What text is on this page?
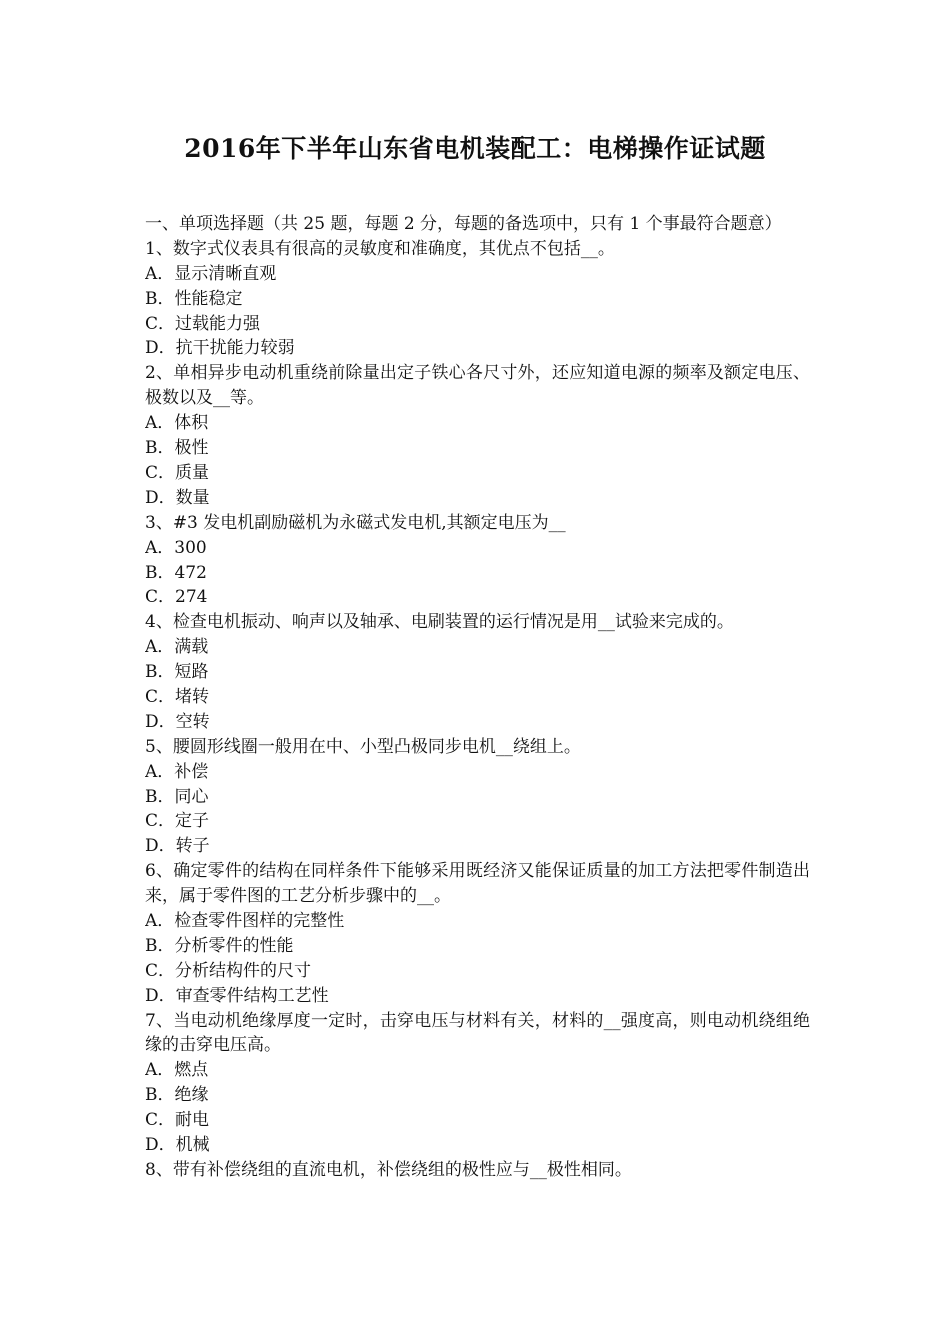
2016年下半年山东省电机装配工：电梯操作证试题
一、单项选择题（共 25 题，每题 2 分，每题的备选项中，只有 1 个事最符合题意）
1、数字式仪表具有很高的灵敏度和准确度，其优点不包括__。
A．显示清晰直观
B．性能稳定
C．过载能力强
D．抗干扰能力较弱
2、单相异步电动机重绕前除量出定子铁心各尺寸外，还应知道电源的频率及额定电压、极数以及__等。
A．体积
B．极性
C．质量
D．数量
3、#3 发电机副励磁机为永磁式发电机,其额定电压为__
A．300
B．472
C．274
4、检查电机振动、响声以及轴承、电刷装置的运行情况是用__试验来完成的。
A．满载
B．短路
C．堵转
D．空转
5、腰圆形线圈一般用在中、小型凸极同步电机__绕组上。
A．补偿
B．同心
C．定子
D．转子
6、确定零件的结构在同样条件下能够采用既经济又能保证质量的加工方法把零件制造出来，属于零件图的工艺分析步骤中的__。
A．检查零件图样的完整性
B．分析零件的性能
C．分析结构件的尺寸
D．审查零件结构工艺性
7、当电动机绝缘厚度一定时，击穿电压与材料有关，材料的__强度高，则电动机绕组绝缘的击穿电压高。
A．燃点
B．绝缘
C．耐电
D．机械
8、带有补偿绕组的直流电机，补偿绕组的极性应与__极性相同。
